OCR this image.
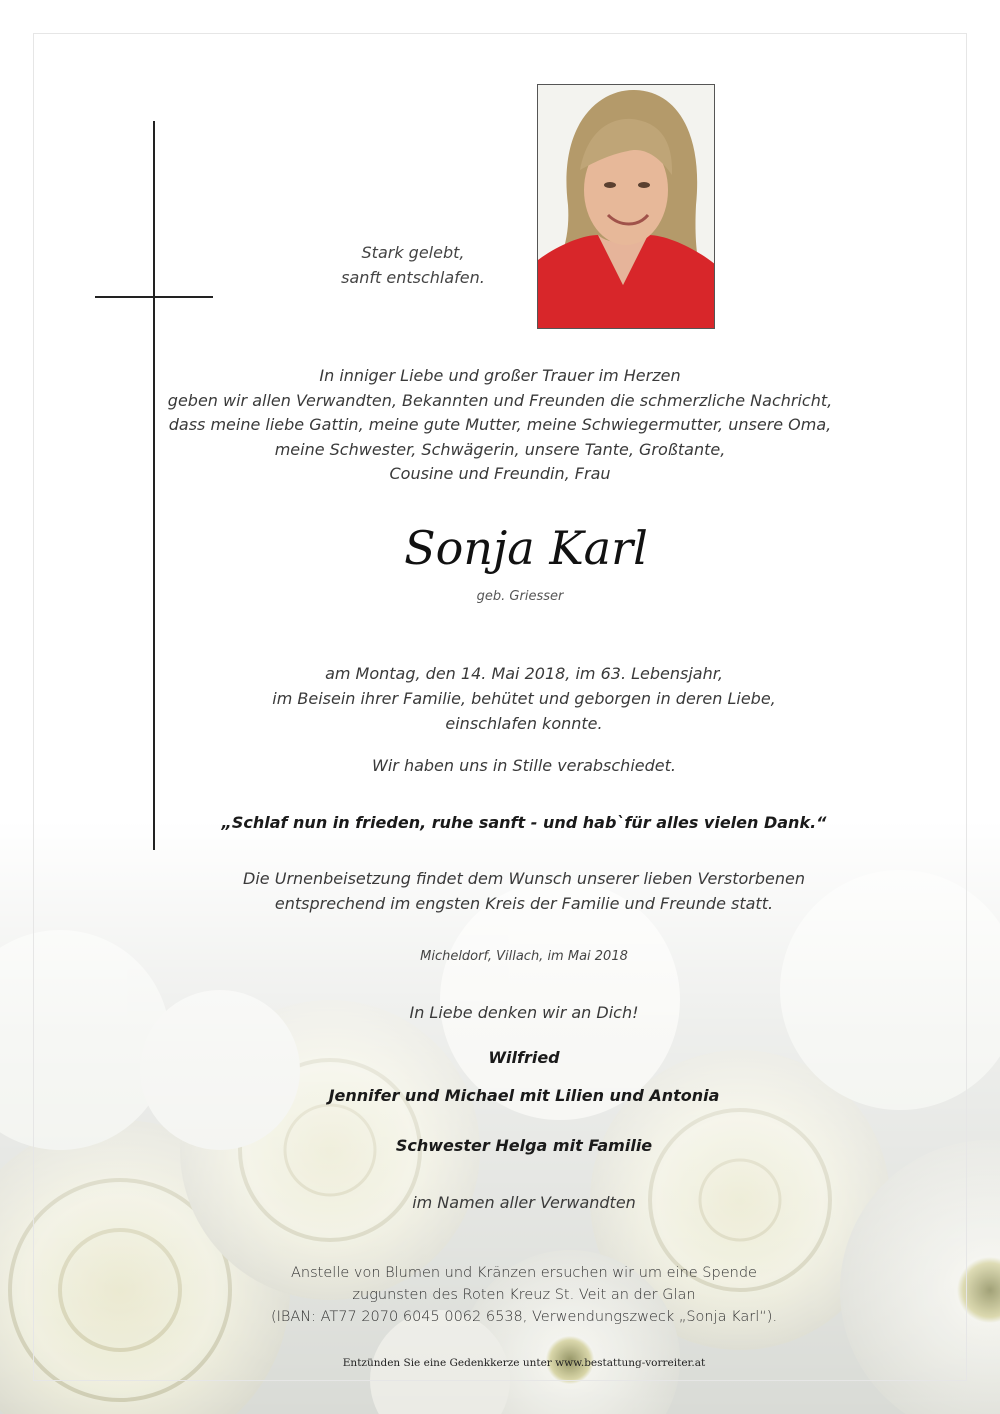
Stark gelebt,
sanft entschlafen.
In inniger Liebe und großer Trauer im Herzen
geben wir allen Verwandten, Bekannten und Freunden die schmerzliche Nachricht,
dass meine liebe Gattin, meine gute Mutter, meine Schwiegermutter, unsere Oma,
meine Schwester, Schwägerin, unsere Tante, Großtante,
Cousine und Freundin, Frau
Sonja Karl
geb. Griesser
am Montag, den 14. Mai 2018, im 63. Lebensjahr,
im Beisein ihrer Familie, behütet und geborgen in deren Liebe,
einschlafen konnte.
Wir haben uns in Stille verabschiedet.
„Schlaf nun in frieden, ruhe sanft - und hab`für alles vielen Dank.“
Die Urnenbeisetzung findet dem Wunsch unserer lieben Verstorbenen
entsprechend im engsten Kreis der Familie und Freunde statt.
Micheldorf, Villach, im Mai 2018
In Liebe denken wir an Dich!
Wilfried
Jennifer und Michael mit Lilien und Antonia
Schwester Helga mit Familie
im Namen aller Verwandten
Anstelle von Blumen und Kränzen ersuchen wir um eine Spende
zugunsten des Roten Kreuz St. Veit an der Glan
(IBAN: AT77 2070 6045 0062 6538, Verwendungszweck „Sonja Karl“).
Entzünden Sie eine Gedenkkerze unter www.bestattung-vorreiter.at
